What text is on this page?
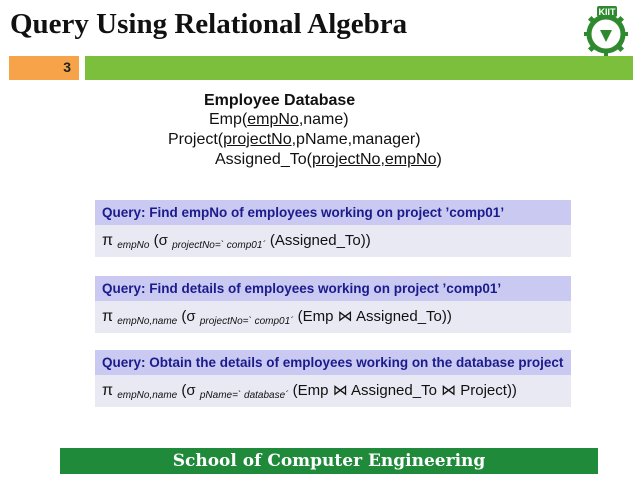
Query Using Relational Algebra	KIIT
3
Employee Database
Emp(empNo,name)
Project(projectNo,pName,manager)
Assigned_To(projectNo,empNo)
Query: Find empNo of employees working on project ’comp01’
π $_{empNo}$ (σ $_{projectNo=` comp01´}$ (Assigned_To))
Query: Find details of employees working on project ’comp01’
π $_{empNo,name}$ (σ $_{projectNo=` comp01´}$ (Emp ⋈ Assigned_To))
Query: Obtain the details of employees working on the database project
π $_{empNo,name}$ (σ $_{pName=` database´}$ (Emp ⋈ Assigned_To ⋈ Project))
School of Computer Engineering
